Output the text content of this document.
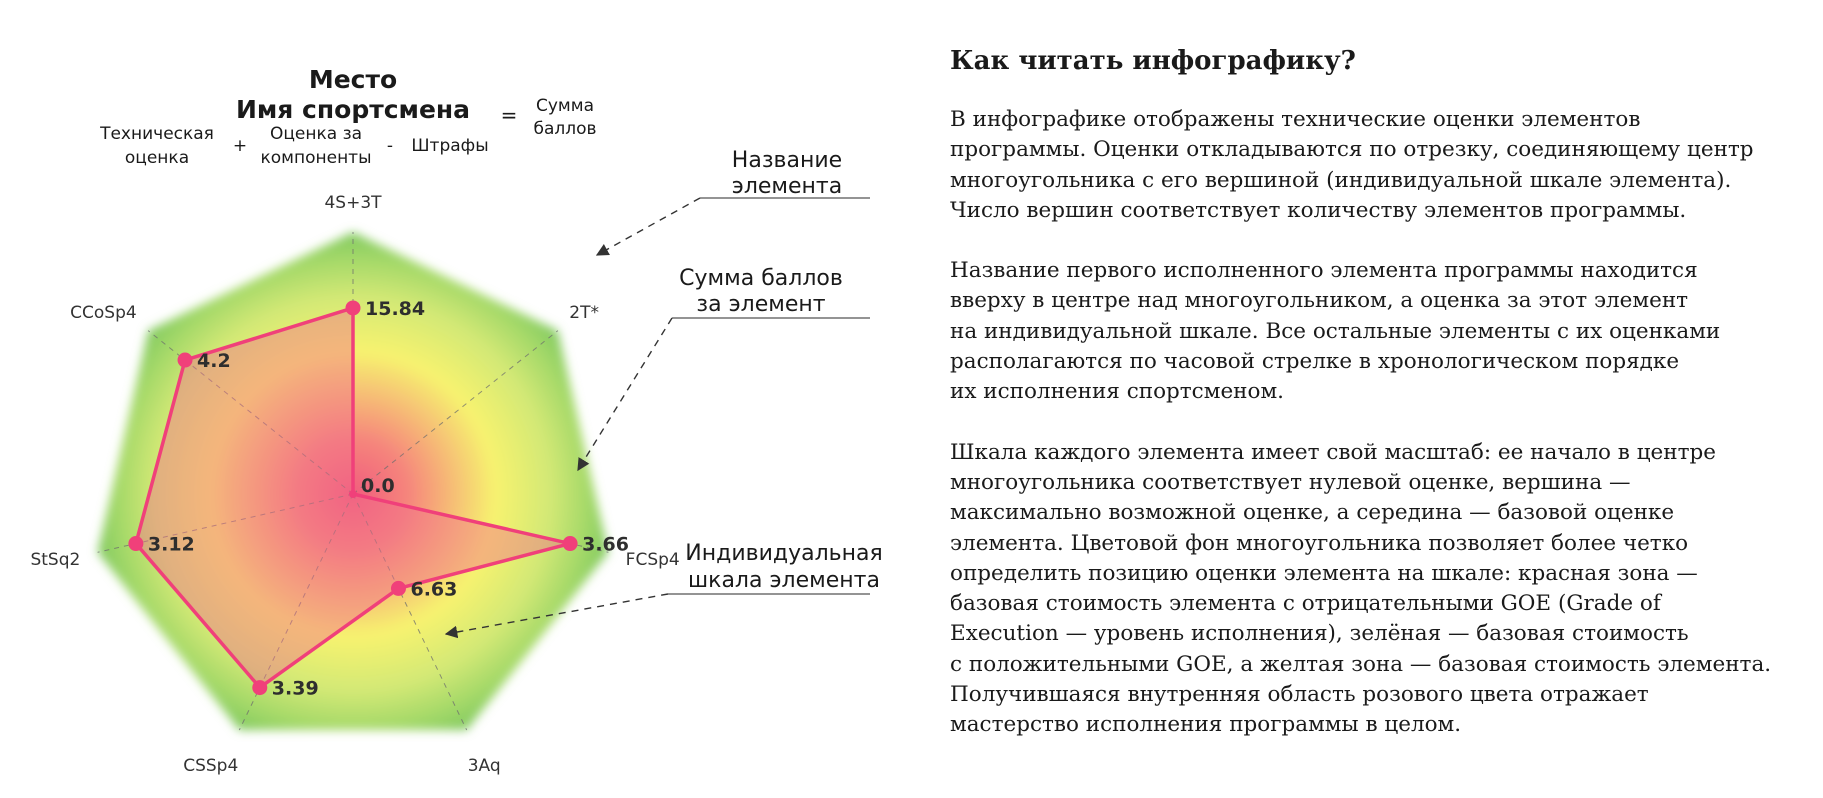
Место
Имя спортсмена
Техническая
оценка
+
Оценка за
компоненты
- Штрафы
= Сумма
баллов
4S+3T
2T*
FCSp4
3Aq
CSSp4
StSq2
CCoSp4	15.84
3.66
6.63
3.39
3.12
4.2
0.0
Название
элемента
Сумма баллов
за элемент
Индивидуальная
шкала элемента
Как читать инфографику?

В инфографике отображены технические оценки элементов
программы. Оценки откладываются по отрезку, соединяющему центр
многоугольника с его вершиной (индивидуальной шкале элемента).
Число вершин соответствует количеству элементов программы.

Название первого исполненного элемента программы находится
вверху в центре над многоугольником, а оценка за этот элемент
на индивидуальной шкале. Все остальные элементы с их оценками
располагаются по часовой стрелке в хронологическом порядке
их исполнения спортсменом.

Шкала каждого элемента имеет свой масштаб: ее начало в центре
многоугольника соответствует нулевой оценке, вершина —
максимально возможной оценке, а середина — базовой оценке
элемента. Цветовой фон многоугольника позволяет более четко
определить позицию оценки элемента на шкале: красная зона —
базовая стоимость элемента с отрицательными GOE (Grade of
Execution — уровень исполнения), зелёная — базовая стоимость
с положительными GOE, а желтая зона — базовая стоимость элемента.
Получившаяся внутренняя область розового цвета отражает
мастерство исполнения программы в целом.
